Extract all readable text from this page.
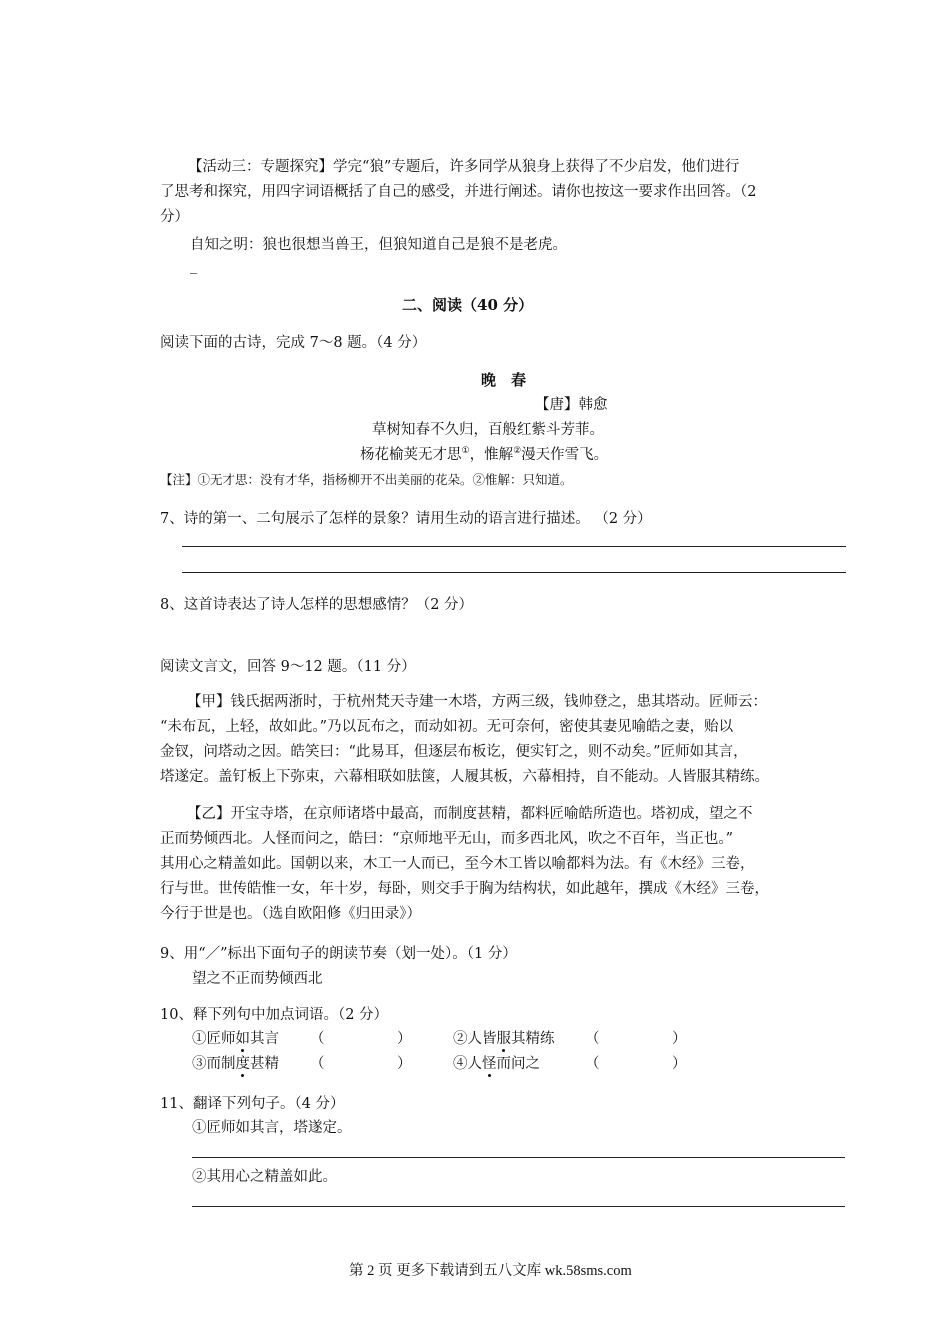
【活动三：专题探究】学完“狼”专题后，许多同学从狼身上获得了不少启发，他们进行
了思考和探究，用四字词语概括了自己的感受，并进行阐述。请你也按这一要求作出回答。（2
分）
自知之明：狼也很想当兽王，但狼知道自己是狼不是老虎。
_
二、阅读（40 分）
阅读下面的古诗，完成 7～8 题。（4 分）
晚　春
【唐】韩愈
草树知春不久归，百般红紫斗芳菲。
杨花榆荚无才思①，惟解②漫天作雪飞。
【注】①无才思：没有才华，指杨柳开不出美丽的花朵。②惟解：只知道。
7、诗的第一、二句展示了怎样的景象？请用生动的语言进行描述。 （2 分）
8、这首诗表达了诗人怎样的思想感情？（2 分）
阅读文言文，回答 9～12 题。（11 分）
【甲】钱氏据两浙时，于杭州梵天寺建一木塔，方两三级，钱帅登之，患其塔动。匠师云：
“未布瓦，上轻，故如此。”乃以瓦布之，而动如初。无可奈何，密使其妻见喻皓之妻，贻以
金钗，问塔动之因。皓笑曰：“此易耳，但逐层布板讫，便实钉之，则不动矣。”匠师如其言，
塔遂定。盖钉板上下弥束，六幕相联如胠箧，人履其板，六幕相持，自不能动。人皆服其精练。
【乙】开宝寺塔，在京师诸塔中最高，而制度甚精，都料匠喻皓所造也。塔初成，望之不
正而势倾西北。人怪而问之，皓曰：“京师地平无山，而多西北风，吹之不百年，当正也。”
其用心之精盖如此。国朝以来，木工一人而已，至今木工皆以喻都料为法。有《木经》三卷，
行与世。世传皓惟一女，年十岁，每卧，则交手于胸为结构状，如此越年，撰成《木经》三卷，
今行于世是也。（选自欧阳修《归田录》）
9、用“／”标出下面句子的朗读节奏（划一处）。（1 分）
望之不正而势倾西北
10、释下列句中加点词语。（2 分）
①匠师如其言 （　　　　　）	②人皆服其精练 （　　　　　）
③而制度甚精 （　　　　　）	④人怪而问之	（　　　　　）
11、翻译下列句子。（4 分）
①匠师如其言，塔遂定。
②其用心之精盖如此。
第 2 页 更多下载请到五八文库 wk.58sms.com
